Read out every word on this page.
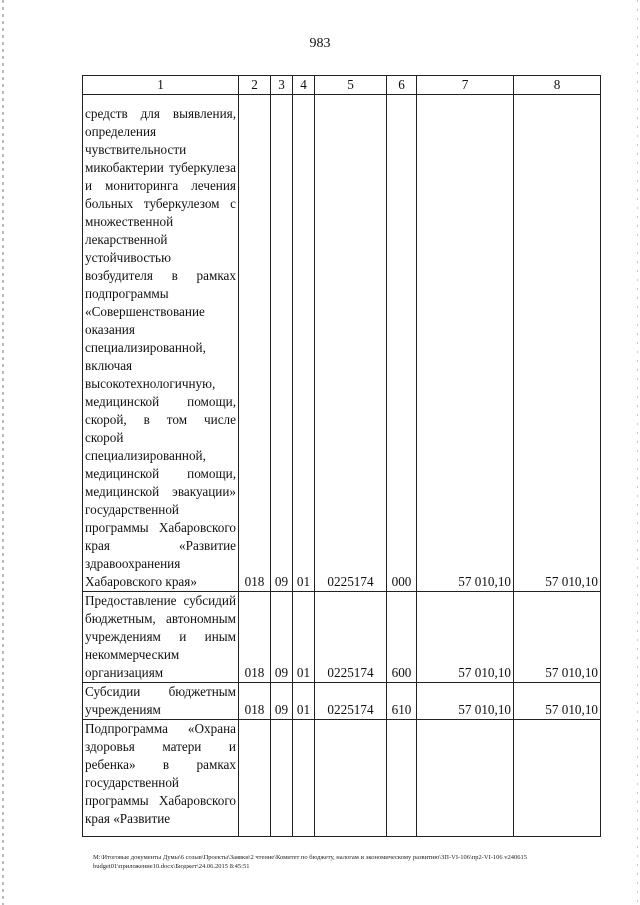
983
1	2	3	4	5	6	7	8
средств для выявления, определения чувствительности микобактерии туберкулеза и мониторинга лечения больных туберкулезом с множественной лекарственной устойчивостью возбудителя в рамках подпрограммы «Совершенствование оказания специализированной, включая высокотехнологичную, медицинской помощи, скорой, в том числе скорой специализированной, медицинской помощи, медицинской эвакуации» государственной программы Хабаровского края «Развитие здравоохранения Хабаровского края»	018	09	01	0225174	000	57 010,10	57 010,10
Предоставление субсидий бюджетным, автономным учреждениям и иным некоммерческим организациям	018	09	01	0225174	600	57 010,10	57 010,10
Субсидии бюджетным учреждениям	018	09	01	0225174	610	57 010,10	57 010,10
Подпрограмма «Охрана здоровья матери и ребенка» в рамках государственной программы Хабаровского края «Развитие							
M:\Итоговые документы Думы\6 созыв\Проекты\Заявки\2 чтение\Комитет по бюджету, налогам и экономическому развитию\ЗП-VI-106\пр2-VI-106 v240615 budget01\приложение10.docx\Бюджет\24.06.2015 8:45:51
